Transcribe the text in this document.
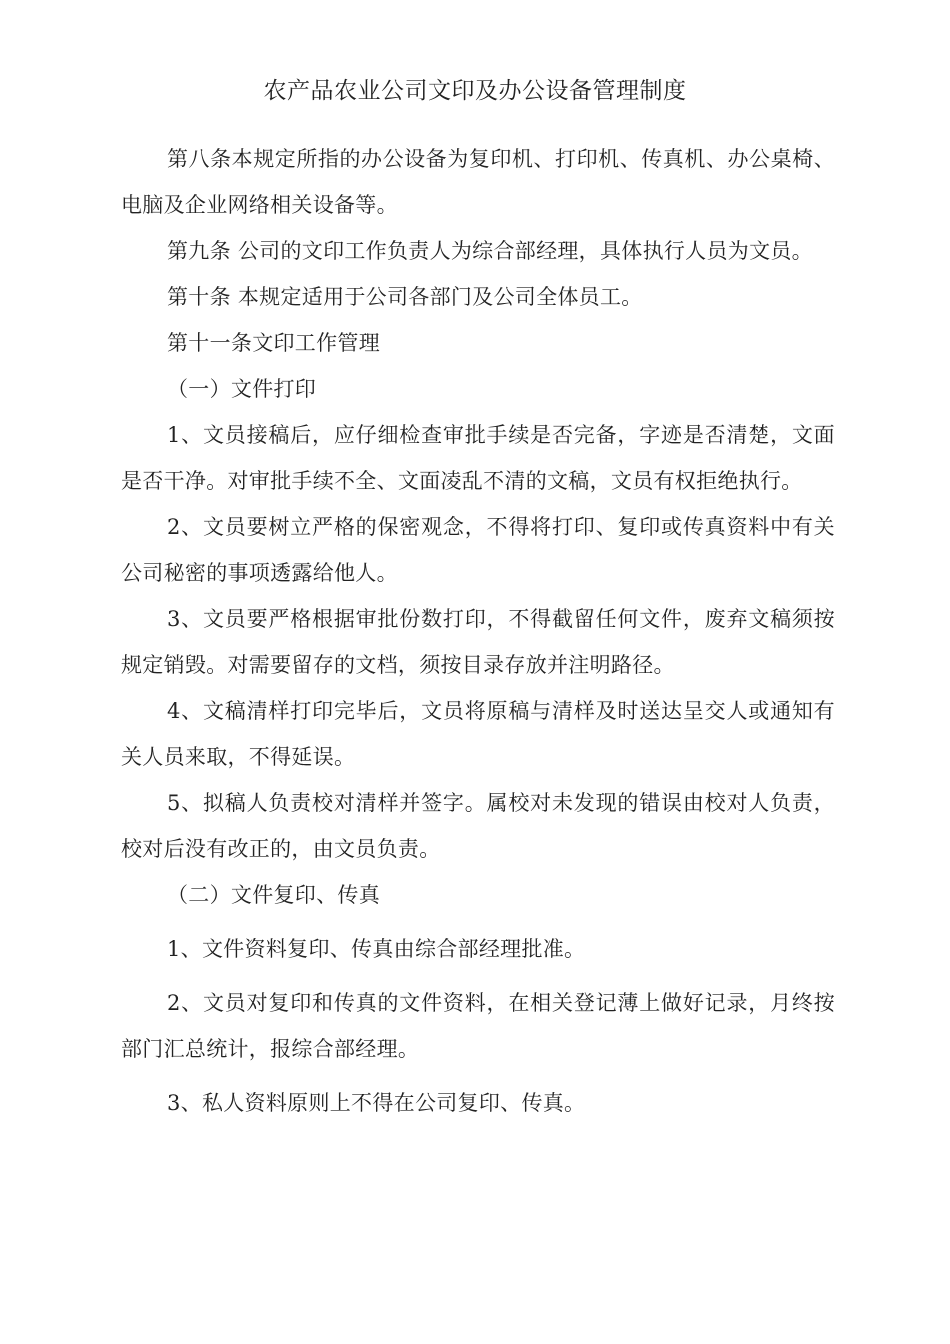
农产品农业公司文印及办公设备管理制度

第八条本规定所指的办公设备为复印机、打印机、传真机、办公桌椅、电脑及企业网络相关设备等。

第九条 公司的文印工作负责人为综合部经理，具体执行人员为文员。

第十条 本规定适用于公司各部门及公司全体员工。

第十一条文印工作管理

（一）文件打印

1、文员接稿后，应仔细检查审批手续是否完备，字迹是否清楚，文面是否干净。对审批手续不全、文面凌乱不清的文稿，文员有权拒绝执行。

2、文员要树立严格的保密观念，不得将打印、复印或传真资料中有关公司秘密的事项透露给他人。

3、文员要严格根据审批份数打印，不得截留任何文件，废弃文稿须按规定销毁。对需要留存的文档，须按目录存放并注明路径。

4、文稿清样打印完毕后，文员将原稿与清样及时送达呈交人或通知有关人员来取，不得延误。

5、拟稿人负责校对清样并签字。属校对未发现的错误由校对人负责，校对后没有改正的，由文员负责。

（二）文件复印、传真

1、文件资料复印、传真由综合部经理批准。

2、文员对复印和传真的文件资料，在相关登记薄上做好记录，月终按部门汇总统计，报综合部经理。

3、私人资料原则上不得在公司复印、传真。
